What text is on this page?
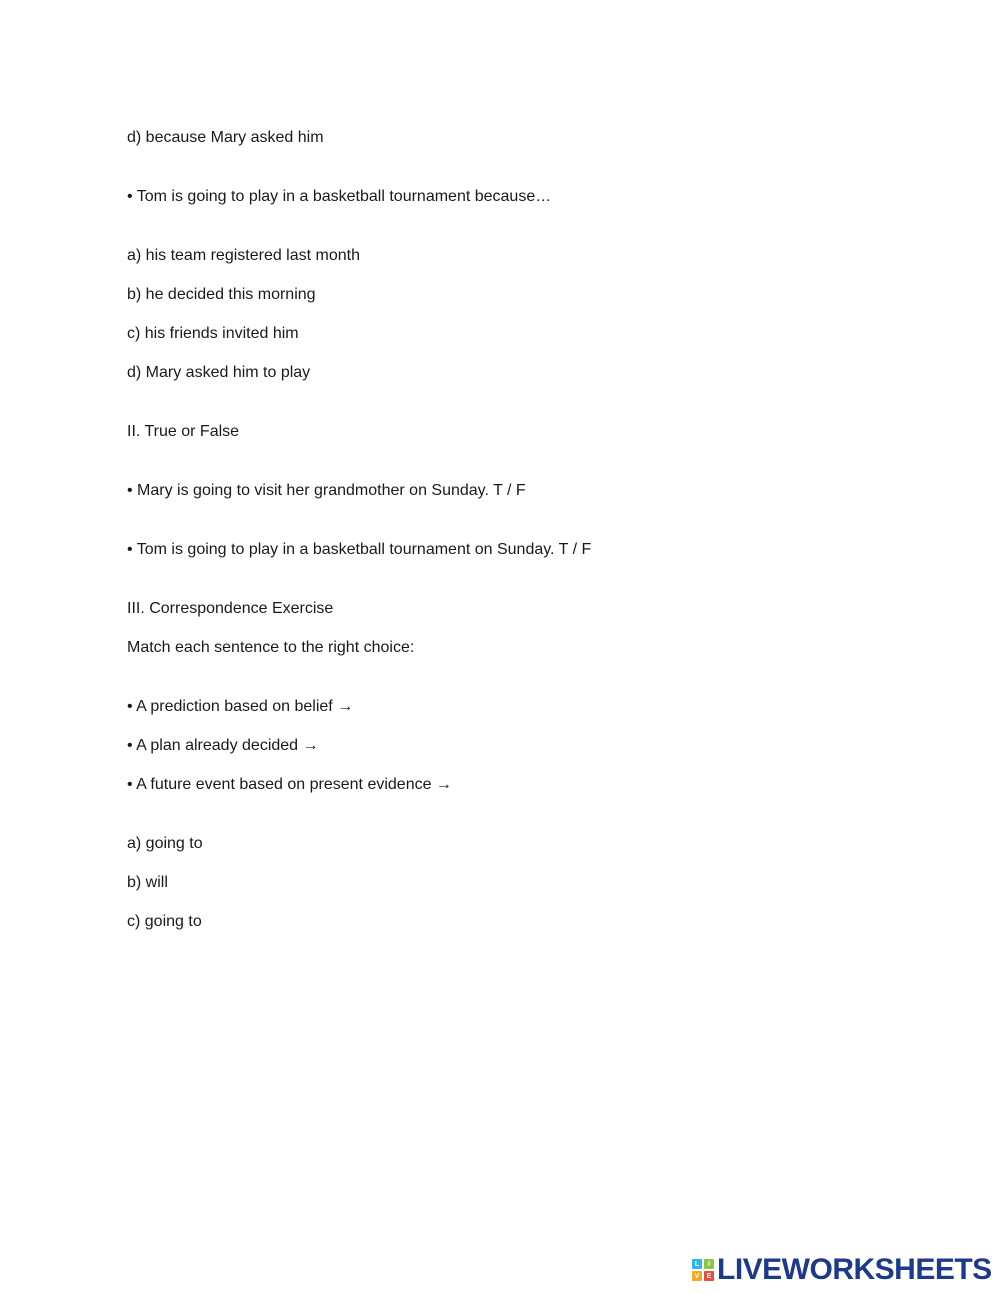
d) because Mary asked him
• Tom is going to play in a basketball tournament because…
a) his team registered last month
b) he decided this morning
c) his friends invited him
d) Mary asked him to play
II. True or False
• Mary is going to visit her grandmother on Sunday. T / F
• Tom is going to play in a basketball tournament on Sunday. T / F
III. Correspondence Exercise
Match each sentence to the right choice:
• A prediction based on belief →
• A plan already decided →
• A future event based on present evidence →
a) going to
b) will
c) going to
L	I
V	E LIVEWORKSHEETS
